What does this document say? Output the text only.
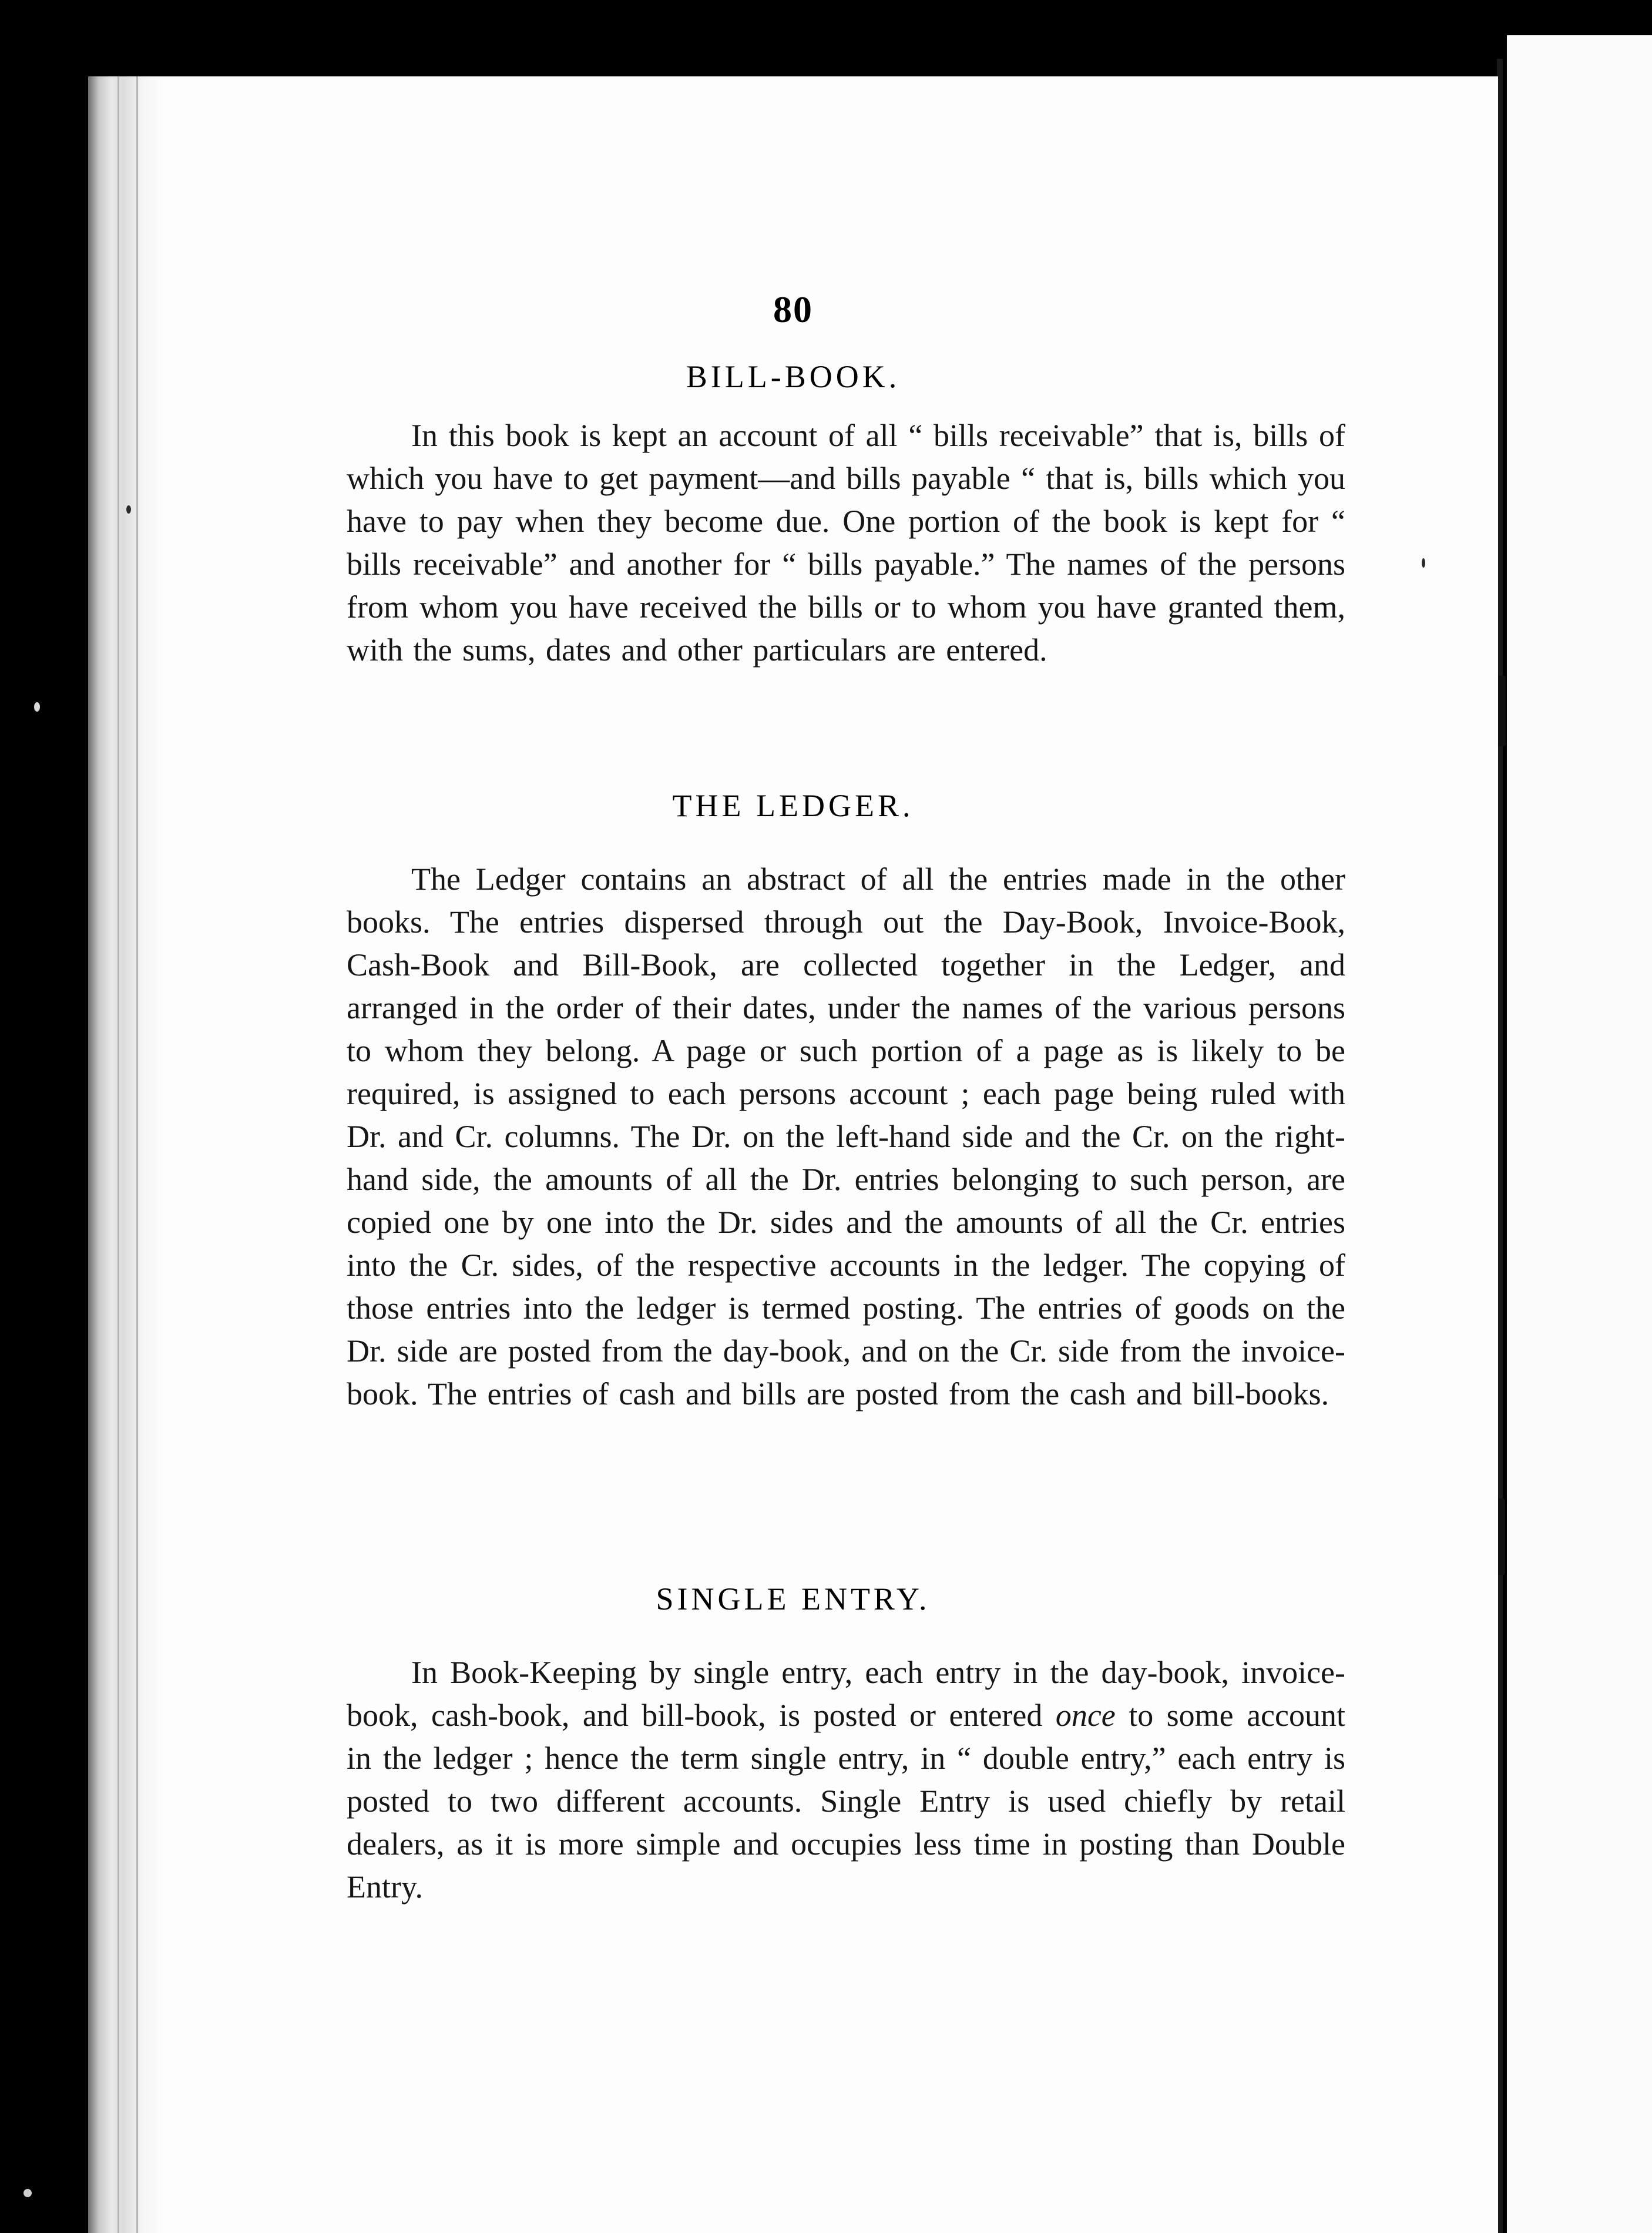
80
BILL-BOOK.

In this book is kept an account of all “ bills receivable” that is, bills of which you have to get payment—and bills payable “ that is, bills which you have to pay when they become due. One portion of the book is kept for “ bills receivable” and another for “ bills payable.” The names of the persons from whom you have received the bills or to whom you have granted them, with the sums, dates and other particulars are entered.

THE LEDGER.

The Ledger contains an abstract of all the entries made in the other books. The entries dispersed through out the Day-Book, Invoice-Book, Cash-Book and Bill-Book, are collected together in the Ledger, and arranged in the order of their dates, under the names of the various persons to whom they belong. A page or such portion of a page as is likely to be required, is assigned to each persons account ; each page being ruled with Dr. and Cr. columns. The Dr. on the left-hand side and the Cr. on the right-hand side, the amounts of all the Dr. entries belonging to such person, are copied one by one into the Dr. sides and the amounts of all the Cr. entries into the Cr. sides, of the respective accounts in the ledger. The copying of those entries into the ledger is termed posting. The entries of goods on the Dr. side are posted from the day-book, and on the Cr. side from the invoice-book. The entries of cash and bills are posted from the cash and bill-books.

SINGLE ENTRY.

In Book-Keeping by single entry, each entry in the day-book, invoice-book, cash-book, and bill-book, is posted or entered once to some account in the ledger ; hence the term single entry, in “ double entry,” each entry is posted to two different accounts. Single Entry is used chiefly by retail dealers, as it is more simple and occupies less time in posting than Double Entry.
